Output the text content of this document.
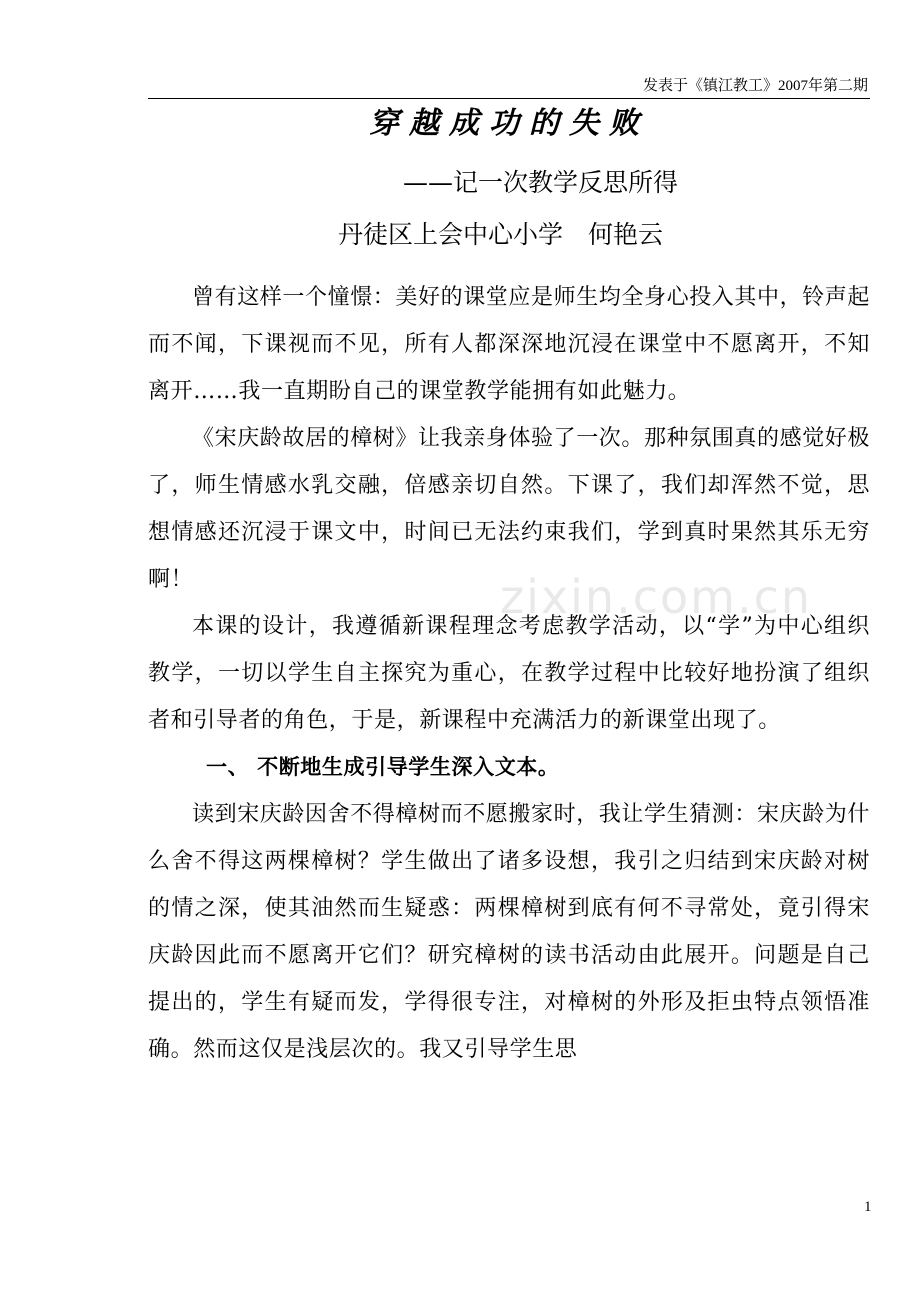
发表于《镇江教工》2007年第二期
zixin.com.cn
穿越成功的失败
——记一次教学反思所得
丹徒区上会中心小学　何艳云

曾有这样一个憧憬：美好的课堂应是师生均全身心投入其中，铃声起而不闻，下课视而不见，所有人都深深地沉浸在课堂中不愿离开，不知离开……我一直期盼自己的课堂教学能拥有如此魅力。

《宋庆龄故居的樟树》让我亲身体验了一次。那种氛围真的感觉好极了，师生情感水乳交融，倍感亲切自然。下课了，我们却浑然不觉，思想情感还沉浸于课文中，时间已无法约束我们，学到真时果然其乐无穷啊！

本课的设计，我遵循新课程理念考虑教学活动，以“学”为中心组织教学，一切以学生自主探究为重心，在教学过程中比较好地扮演了组织者和引导者的角色，于是，新课程中充满活力的新课堂出现了。

一、 不断地生成引导学生深入文本。

读到宋庆龄因舍不得樟树而不愿搬家时，我让学生猜测：宋庆龄为什么舍不得这两棵樟树？学生做出了诸多设想，我引之归结到宋庆龄对树的情之深，使其油然而生疑惑：两棵樟树到底有何不寻常处，竟引得宋庆龄因此而不愿离开它们？研究樟树的读书活动由此展开。问题是自己提出的，学生有疑而发，学得很专注，对樟树的外形及拒虫特点领悟准确。然而这仅是浅层次的。我又引导学生思

1
